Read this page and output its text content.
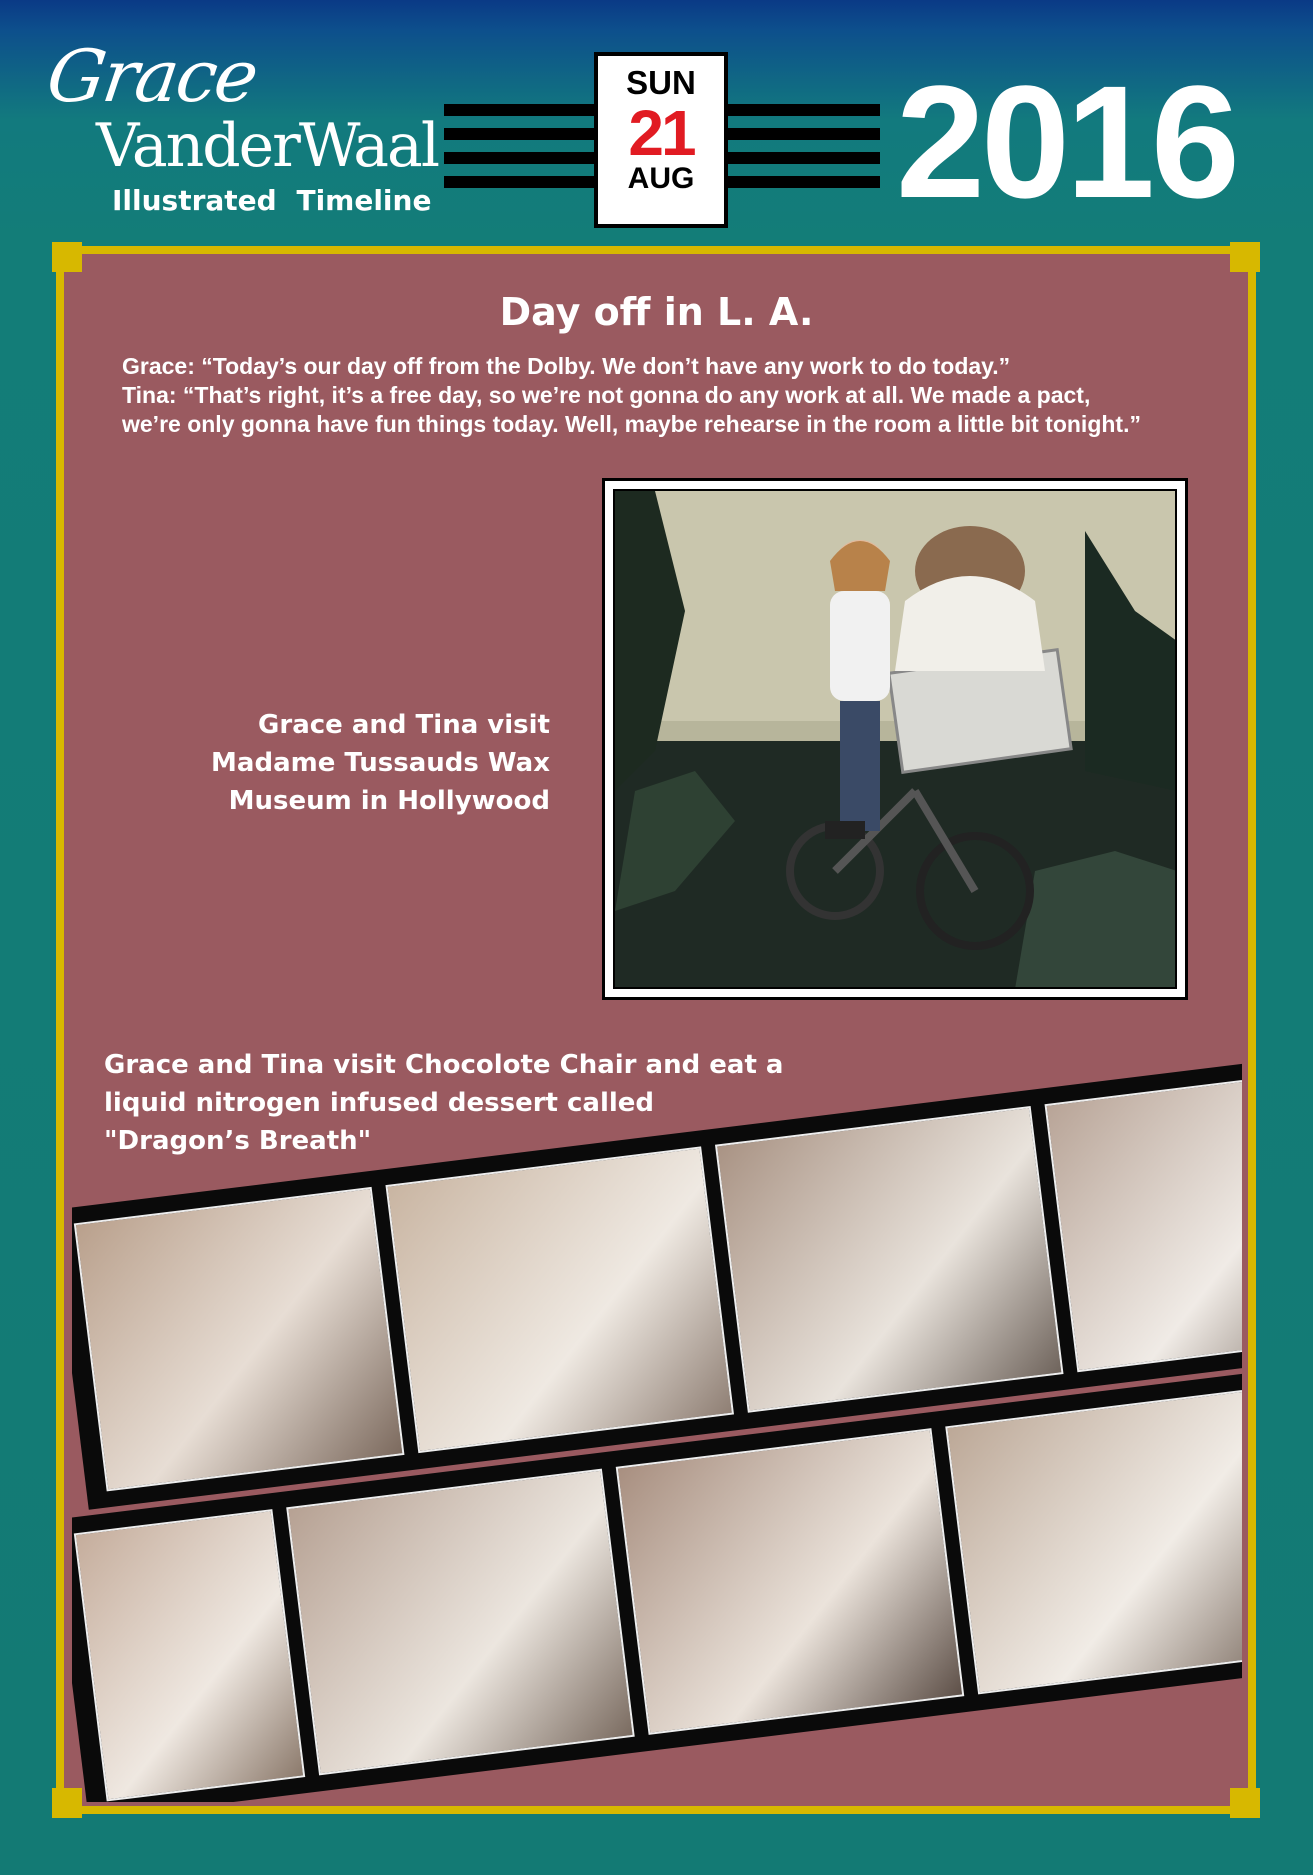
Grace
VanderWaal
Illustrated Timeline
SUN
21
AUG 2016
Day off in L. A.
Grace: “Today’s our day off from the Dolby. We don’t have any work to do today.”
Tina: “That’s right, it’s a free day, so we’re not gonna do any work at all. We made a pact,
we’re only gonna have fun things today. Well, maybe rehearse in the room a little bit tonight.”
Grace and Tina visit
Madame Tussauds Wax
Museum in Hollywood
Grace and Tina visit Chocolote Chair and eat a
liquid nitrogen infused dessert called
"Dragon’s Breath"
